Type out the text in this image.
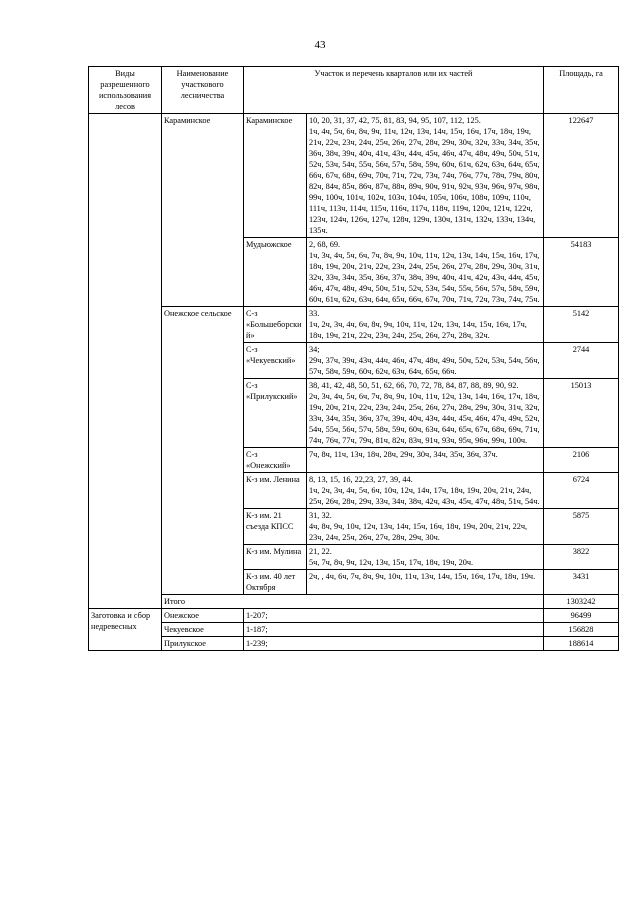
43
Виды разрешенного использования лесов	Наименование участкового лесничества	Участок и перечень кварталов или их частей		Площадь, га
	Караминское	Караминское	10, 20, 31, 37, 42, 75, 81, 83, 94, 95, 107, 112, 125.
1ч, 4ч, 5ч, 6ч, 8ч, 9ч, 11ч, 12ч, 13ч, 14ч, 15ч, 16ч, 17ч, 18ч, 19ч, 21ч, 22ч, 23ч, 24ч, 25ч, 26ч, 27ч, 28ч, 29ч, 30ч, 32ч, 33ч, 34ч, 35ч, 36ч, 38ч, 39ч, 40ч, 41ч, 43ч, 44ч, 45ч, 46ч, 47ч, 48ч, 49ч, 50ч, 51ч, 52ч, 53ч, 54ч, 55ч, 56ч, 57ч, 58ч, 59ч, 60ч, 61ч, 62ч, 63ч, 64ч, 65ч, 66ч, 67ч, 68ч, 69ч, 70ч, 71ч, 72ч, 73ч, 74ч, 76ч, 77ч, 78ч, 79ч, 80ч, 82ч, 84ч, 85ч, 86ч, 87ч, 88ч, 89ч, 90ч, 91ч, 92ч, 93ч, 96ч, 97ч, 98ч, 99ч, 100ч, 101ч, 102ч, 103ч, 104ч, 105ч, 106ч, 108ч, 109ч, 110ч, 111ч, 113ч, 114ч, 115ч, 116ч, 117ч, 118ч, 119ч, 120ч, 121ч, 122ч, 123ч, 124ч, 126ч, 127ч, 128ч, 129ч, 130ч, 131ч, 132ч, 133ч, 134ч, 135ч.	122647
		Мудьюжское	2, 68, 69.
1ч, 3ч, 4ч, 5ч, 6ч, 7ч, 8ч, 9ч, 10ч, 11ч, 12ч, 13ч, 14ч, 15ч, 16ч, 17ч, 18ч, 19ч, 20ч, 21ч, 22ч, 23ч, 24ч, 25ч, 26ч, 27ч, 28ч, 29ч, 30ч, 31ч, 32ч, 33ч, 34ч, 35ч, 36ч, 37ч, 38ч, 39ч, 40ч, 41ч, 42ч, 43ч, 44ч, 45ч, 46ч, 47ч, 48ч, 49ч, 50ч, 51ч, 52ч, 53ч, 54ч, 55ч, 56ч, 57ч, 58ч, 59ч, 60ч, 61ч, 62ч, 63ч, 64ч, 65ч, 66ч, 67ч, 70ч, 71ч, 72ч, 73ч, 74ч, 75ч.	54183
	Онежское сельское	С-з «Большеборский»	33.
1ч, 2ч, 3ч, 4ч, 6ч, 8ч, 9ч, 10ч, 11ч, 12ч, 13ч, 14ч, 15ч, 16ч, 17ч, 18ч, 19ч, 21ч, 22ч, 23ч, 24ч, 25ч, 26ч, 27ч, 28ч, 32ч.	5142
		С-з «Чекуевский»	34;
29ч, 37ч, 39ч, 43ч, 44ч, 46ч, 47ч, 48ч, 49ч, 50ч, 52ч, 53ч, 54ч, 56ч, 57ч, 58ч, 59ч, 60ч, 62ч, 63ч, 64ч, 65ч, 66ч.	2744
		С-з «Прилукский»	38, 41, 42, 48, 50, 51, 62, 66, 70, 72, 78, 84, 87, 88, 89, 90, 92.
2ч, 3ч, 4ч, 5ч, 6ч, 7ч, 8ч, 9ч, 10ч, 11ч, 12ч, 13ч, 14ч, 16ч, 17ч, 18ч, 19ч, 20ч, 21ч, 22ч, 23ч, 24ч, 25ч, 26ч, 27ч, 28ч, 29ч, 30ч, 31ч, 32ч, 33ч, 34ч, 35ч, 36ч, 37ч, 39ч, 40ч, 43ч, 44ч, 45ч, 46ч, 47ч, 49ч, 52ч, 54ч, 55ч, 56ч, 57ч, 58ч, 59ч, 60ч, 63ч, 64ч, 65ч, 67ч, 68ч, 69ч, 71ч, 74ч, 76ч, 77ч, 79ч, 81ч, 82ч, 83ч, 91ч, 93ч, 95ч, 96ч, 99ч, 100ч.	15013
		С-з «Онежский»	7ч, 8ч, 11ч, 13ч, 18ч, 28ч, 29ч, 30ч, 34ч, 35ч, 36ч, 37ч.	2106
		К-з им. Ленина	8, 13, 15, 16, 22,23, 27, 39, 44.
1ч, 2ч, 3ч, 4ч, 5ч, 6ч, 10ч, 12ч, 14ч, 17ч, 18ч, 19ч, 20ч, 21ч, 24ч, 25ч, 26ч, 28ч, 29ч, 33ч, 34ч, 38ч, 42ч, 43ч, 45ч, 47ч, 48ч, 51ч, 54ч.	6724
		К-з им. 21 съезда КПСС	31, 32.
4ч, 8ч, 9ч, 10ч, 12ч, 13ч, 14ч, 15ч, 16ч, 18ч, 19ч, 20ч, 21ч, 22ч, 23ч, 24ч, 25ч, 26ч, 27ч, 28ч, 29ч, 30ч.	5875
		К-з им. Мулина	21, 22.
5ч, 7ч, 8ч, 9ч, 12ч, 13ч, 15ч, 17ч, 18ч, 19ч, 20ч.	3822
		К-з им. 40 лет Октября	2ч, , 4ч, 6ч, 7ч, 8ч, 9ч, 10ч, 11ч, 13ч, 14ч, 15ч, 16ч, 17ч, 18ч, 19ч.	3431
	Итого			1303242
Заготовка и сбор недревесных	Онежское	1-207;		96499
	Чекуевское	1-187;		156828
	Прилукское	1-239;		188614
